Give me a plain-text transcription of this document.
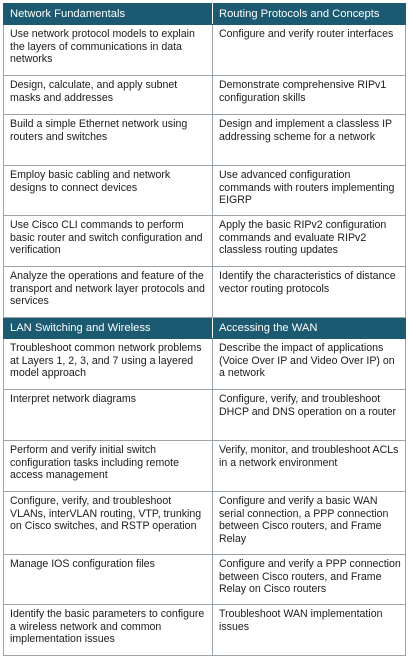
Network Fundamentals	Routing Protocols and Concepts
Use network protocol models to explain the layers of communications in data networks	Configure and verify router interfaces
Design, calculate, and apply subnet masks and addresses	Demonstrate comprehensive RIPv1 configuration skills
Build a simple Ethernet network using routers and switches	Design and implement a classless IP addressing scheme for a network
Employ basic cabling and network designs to connect devices	Use advanced configuration commands with routers implementing EIGRP
Use Cisco CLI commands to perform basic router and switch configuration and verification	Apply the basic RIPv2 configuration commands and evaluate RIPv2 classless routing updates
Analyze the operations and feature of the transport and network layer protocols and services	Identify the characteristics of distance vector routing protocols
LAN Switching and Wireless	Accessing the WAN
Troubleshoot common network problems at Layers 1, 2, 3, and 7 using a layered model approach	Describe the impact of applications (Voice Over IP and Video Over IP) on a network
Interpret network diagrams	Configure, verify, and troubleshoot DHCP and DNS operation on a router
Perform and verify initial switch configuration tasks including remote access management	Verify, monitor, and troubleshoot ACLs in a network environment
Configure, verify, and troubleshoot VLANs, interVLAN routing, VTP, trunking on Cisco switches, and RSTP operation	Configure and verify a basic WAN serial connection, a PPP connection between Cisco routers, and Frame Relay
Manage IOS configuration files	Configure and verify a PPP connection between Cisco routers, and Frame Relay on Cisco routers
Identify the basic parameters to configure a wireless network and common implementation issues	Troubleshoot WAN implementation issues
